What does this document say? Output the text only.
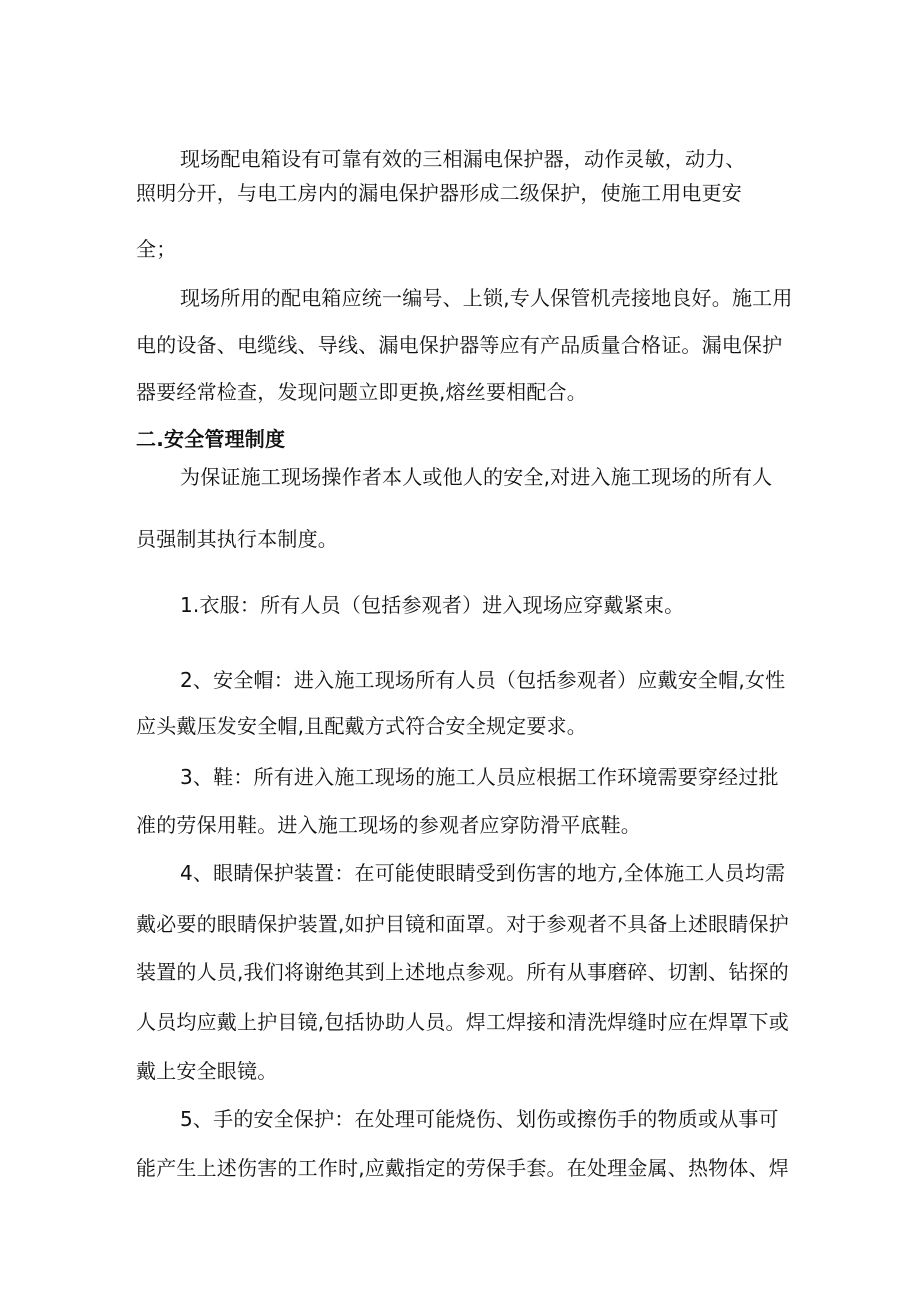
现场配电箱设有可靠有效的三相漏电保护器，动作灵敏，动力、

照明分开，与电工房内的漏电保护器形成二级保护，使施工用电更安

全；

现场所用的配电箱应统一编号、上锁,专人保管机壳接地良好。施工用

电的设备、电缆线、导线、漏电保护器等应有产品质量合格证。漏电保护

器要经常检查，发现问题立即更换,熔丝要相配合。

二.安全管理制度

为保证施工现场操作者本人或他人的安全,对进入施工现场的所有人

员强制其执行本制度。

1.衣服：所有人员（包括参观者）进入现场应穿戴紧束。

2、安全帽：进入施工现场所有人员（包括参观者）应戴安全帽,女性

应头戴压发安全帽,且配戴方式符合安全规定要求。

3、鞋：所有进入施工现场的施工人员应根据工作环境需要穿经过批

准的劳保用鞋。进入施工现场的参观者应穿防滑平底鞋。

4、眼睛保护装置：在可能使眼睛受到伤害的地方,全体施工人员均需

戴必要的眼睛保护装置,如护目镜和面罩。对于参观者不具备上述眼睛保护

装置的人员,我们将谢绝其到上述地点参观。所有从事磨碎、切割、钻探的

人员均应戴上护目镜,包括协助人员。焊工焊接和清洗焊缝时应在焊罩下或

戴上安全眼镜。

5、手的安全保护：在处理可能烧伤、划伤或擦伤手的物质或从事可

能产生上述伤害的工作时,应戴指定的劳保手套。在处理金属、热物体、焊
